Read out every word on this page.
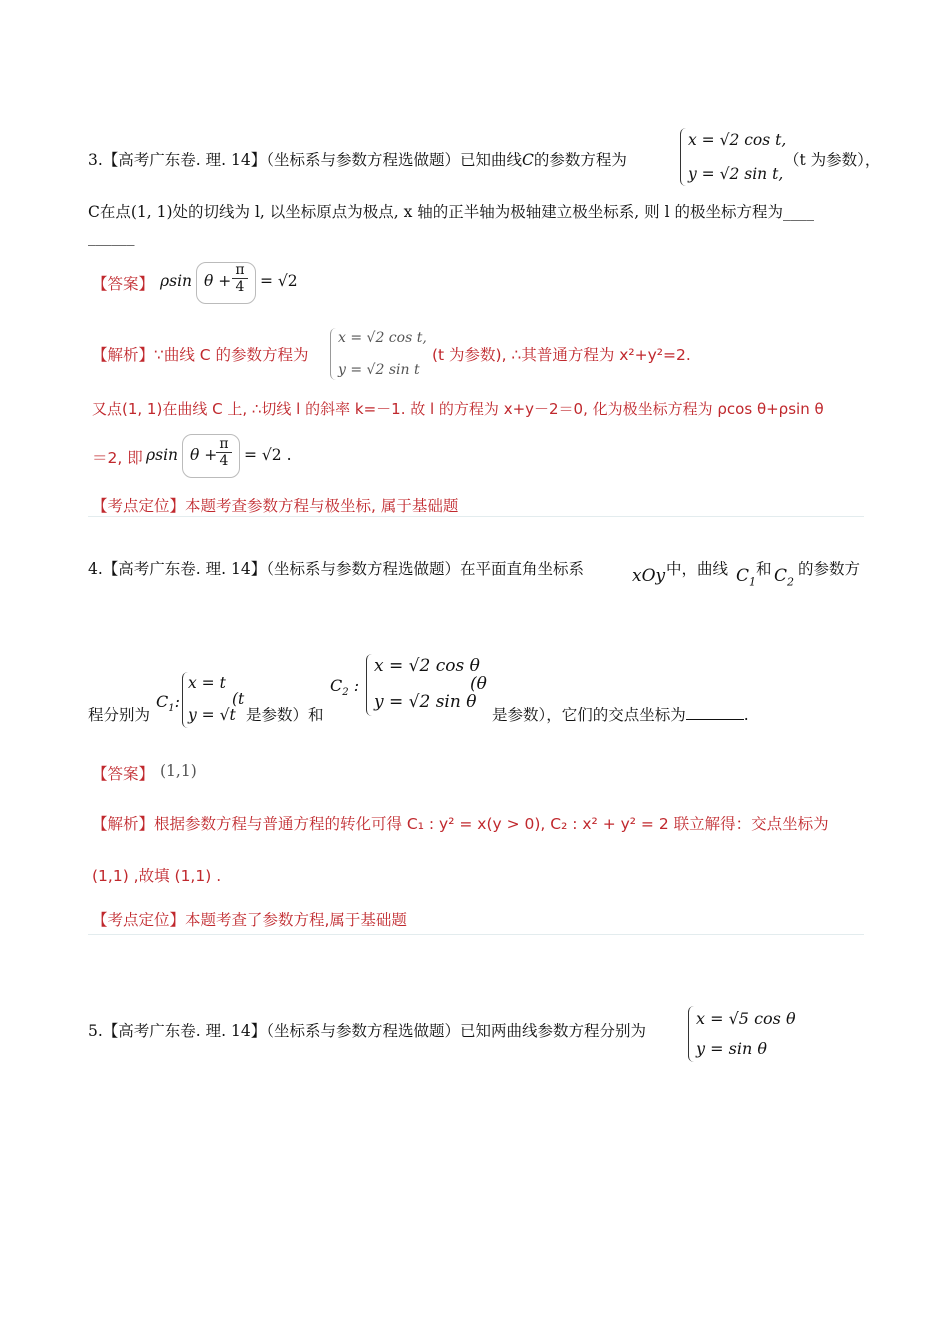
3.【高考广东卷. 理. 14】（坐标系与参数方程选做题）已知曲线C的参数方程为
x = √2 cos t,
y = √2 sin t,
（t 为参数），
C在点(1, 1)处的切线为 l, 以坐标原点为极点, x 轴的正半轴为极轴建立极坐标系, 则 l 的极坐标方程为____
______
【答案】 ρsin $\theta + \frac{\pi}{4} = √2$
【解析】∵曲线 C 的参数方程为
x = √2 cos t,
y = √2 sin t
(t 为参数), ∴其普通方程为 x²+y²=2.
又点(1, 1)在曲线 C 上, ∴切线 l 的斜率 k=－1. 故 l 的方程为 x+y－2＝0, 化为极坐标方程为 ρcos θ+ρsin θ
＝2, 即 ρsin θ +
$\frac{\pi}{4} = √2$ .
【考点定位】本题考查参数方程与极坐标, 属于基础题
4.【高考广东卷. 理. 14】（坐标系与参数方程选做题）在平面直角坐标系	xOy 中，曲线 $C_1$
和 $C_2$
的参数方
程分别为
$C_1$:
x = t
y = √t
(t
是参数）和
$C_2$ :
x = √2 cos θ
y = √2 sin θ
(θ
是参数），它们的交点坐标为	.
【答案】 (1,1)
【解析】根据参数方程与普通方程的转化可得 C₁ : y² = x(y > 0), C₂ : x² + y² = 2 联立解得：交点坐标为
(1,1) ,故填 (1,1) .
【考点定位】本题考查了参数方程,属于基础题
5.【高考广东卷. 理. 14】（坐标系与参数方程选做题）已知两曲线参数方程分别为
x = √5 cos θ
y = sin θ
